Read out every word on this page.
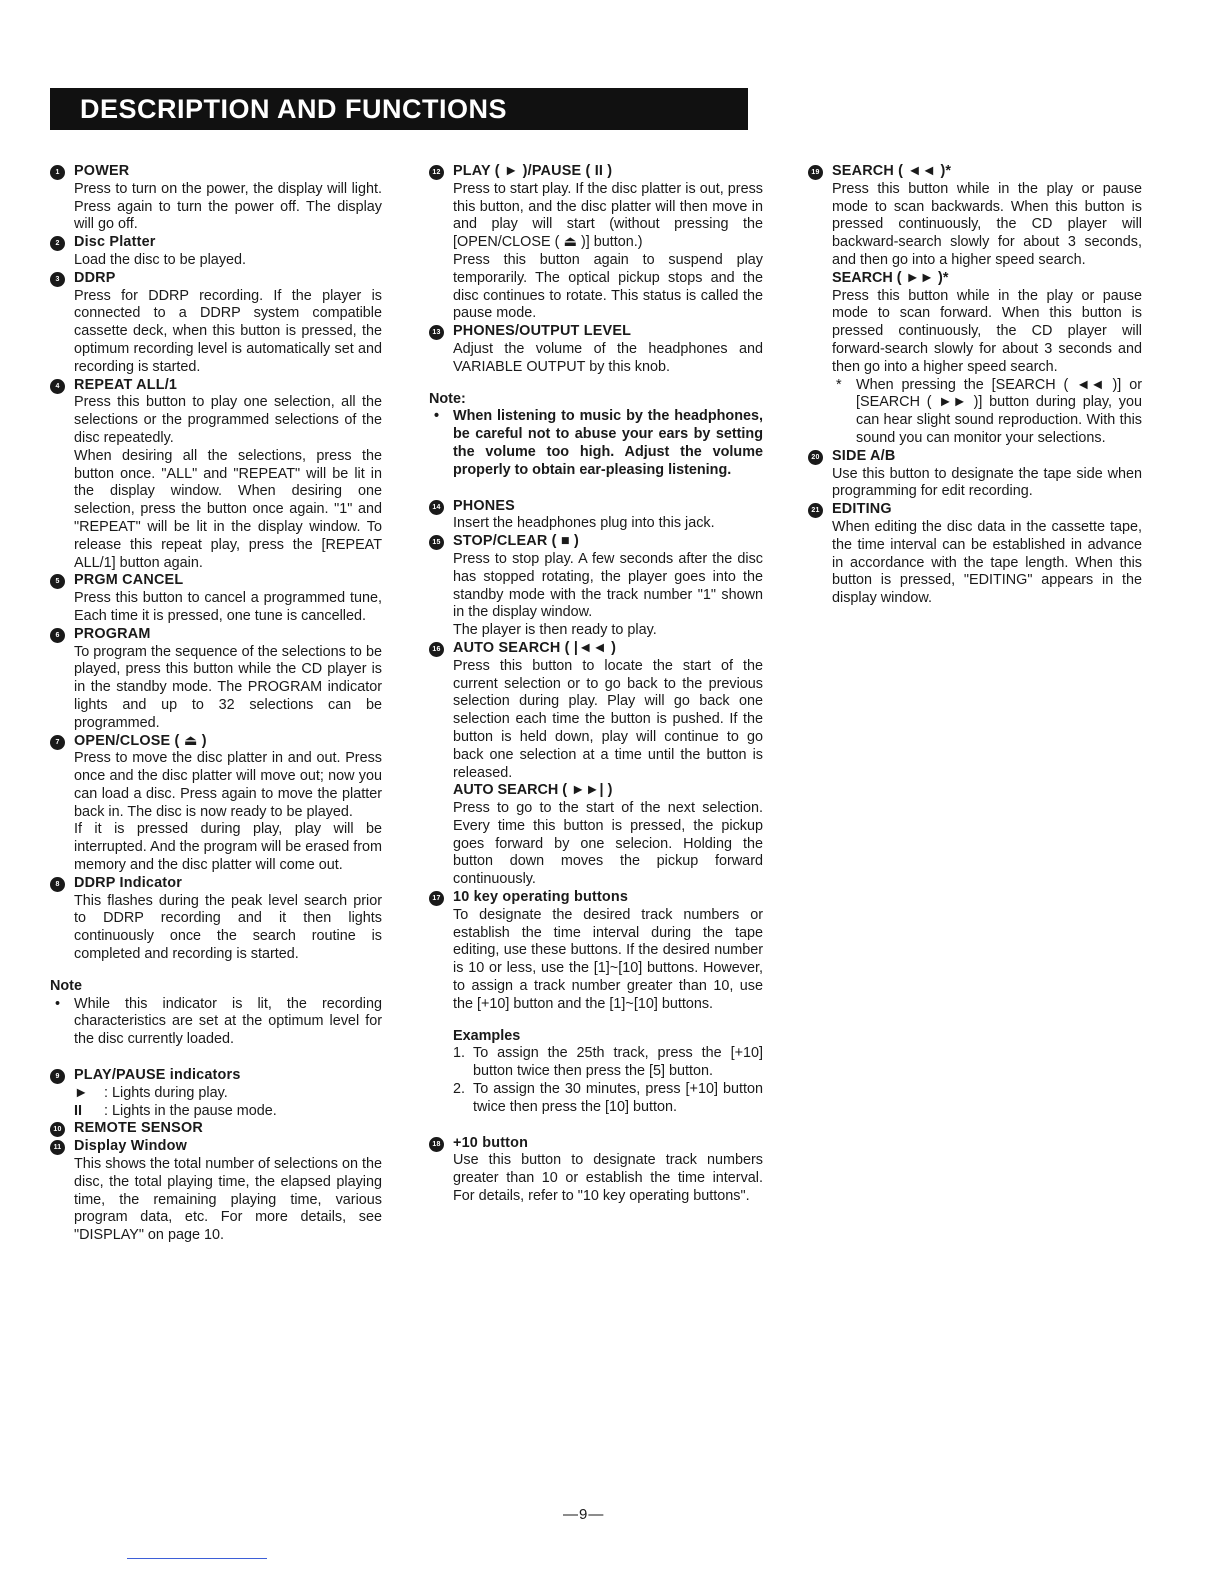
DESCRIPTION AND FUNCTIONS
1	POWER
Press to turn on the power, the display will light. Press again to turn the power off. The display will go off.
2	Disc Platter
Load the disc to be played.
3	DDRP
Press for DDRP recording. If the player is connected to a DDRP system compatible cassette deck, when this button is pressed, the optimum recording level is automatically set and recording is started.
4	REPEAT ALL/1
Press this button to play one selection, all the selections or the programmed selections of the disc repeatedly.
When desiring all the selections, press the button once. "ALL" and "REPEAT" will be lit in the display window. When desiring one selection, press the button once again. "1" and "REPEAT" will be lit in the display window. To release this repeat play, press the [REPEAT ALL/1] button again.
5	PRGM CANCEL
Press this button to cancel a programmed tune, Each time it is pressed, one tune is cancelled.
6	PROGRAM
To program the sequence of the selections to be played, press this button while the CD player is in the standby mode. The PROGRAM indicator lights and up to 32 selections can be programmed.
7	OPEN/CLOSE ( ⏏ )
Press to move the disc platter in and out. Press once and the disc platter will move out; now you can load a disc. Press again to move the platter back in. The disc is now ready to be played.
If it is pressed during play, play will be interrupted. And the program will be erased from memory and the disc platter will come out.
8	DDRP Indicator
This flashes during the peak level search prior to DDRP recording and it then lights continuously once the search routine is completed and recording is started.
Note
• While this indicator is lit, the recording characteristics are set at the optimum level for the disc currently loaded.
9	PLAY/PAUSE indicators
► : Lights during play.
II : Lights in the pause mode.
10 REMOTE SENSOR
11 Display Window
This shows the total number of selections on the disc, the total playing time, the elapsed playing time, the remaining playing time, various program data, etc. For more details, see "DISPLAY" on page 10.
12 PLAY ( ► )/PAUSE ( II )
Press to start play. If the disc platter is out, press this button, and the disc platter will then move in and play will start (without pressing the [OPEN/CLOSE ( ⏏ )] button.)
Press this button again to suspend play temporarily. The optical pickup stops and the disc continues to rotate. This status is called the pause mode.
13 PHONES/OUTPUT LEVEL
Adjust the volume of the headphones and VARIABLE OUTPUT by this knob.
Note:
• When listening to music by the headphones, be careful not to abuse your ears by setting the volume too high. Adjust the volume properly to obtain ear-pleasing listening.
14 PHONES
Insert the headphones plug into this jack.
15 STOP/CLEAR ( ■ )
Press to stop play. A few seconds after the disc has stopped rotating, the player goes into the standby mode with the track number "1" shown in the display window.
The player is then ready to play.
16 AUTO SEARCH ( |◄◄ )
Press this button to locate the start of the current selection or to go back to the previous selection during play. Play will go back one selection each time the button is pushed. If the button is held down, play will continue to go back one selection at a time until the button is released.
AUTO SEARCH ( ►►| )
Press to go to the start of the next selection. Every time this button is pressed, the pickup goes forward by one selecion. Holding the button down moves the pickup forward continuously.
17 10 key operating buttons
To designate the desired track numbers or establish the time interval during the tape editing, use these buttons. If the desired number is 10 or less, use the [1]~[10] buttons. However, to assign a track number greater than 10, use the [+10] button and the [1]~[10] buttons.
Examples
1. To assign the 25th track, press the [+10] button twice then press the [5] button.
2. To assign the 30 minutes, press [+10] button twice then press the [10] button.
18 +10 button
Use this button to designate track numbers greater than 10 or establish the time interval. For details, refer to "10 key operating buttons".
19 SEARCH ( ◄◄ )*
Press this button while in the play or pause mode to scan backwards. When this button is pressed continuously, the CD player will backward-search slowly for about 3 seconds, and then go into a higher speed search.
SEARCH ( ►► )*
Press this button while in the play or pause mode to scan forward. When this button is pressed continuously, the CD player will forward-search slowly for about 3 seconds and then go into a higher speed search.
* When pressing the [SEARCH ( ◄◄ )] or [SEARCH ( ►► )] button during play, you can hear slight sound reproduction. With this sound you can monitor your selections.
20 SIDE A/B
Use this button to designate the tape side when programming for edit recording.
21 EDITING
When editing the disc data in the cassette tape, the time interval can be established in advance in accordance with the tape length. When this button is pressed, "EDITING" appears in the display window.
—9—
